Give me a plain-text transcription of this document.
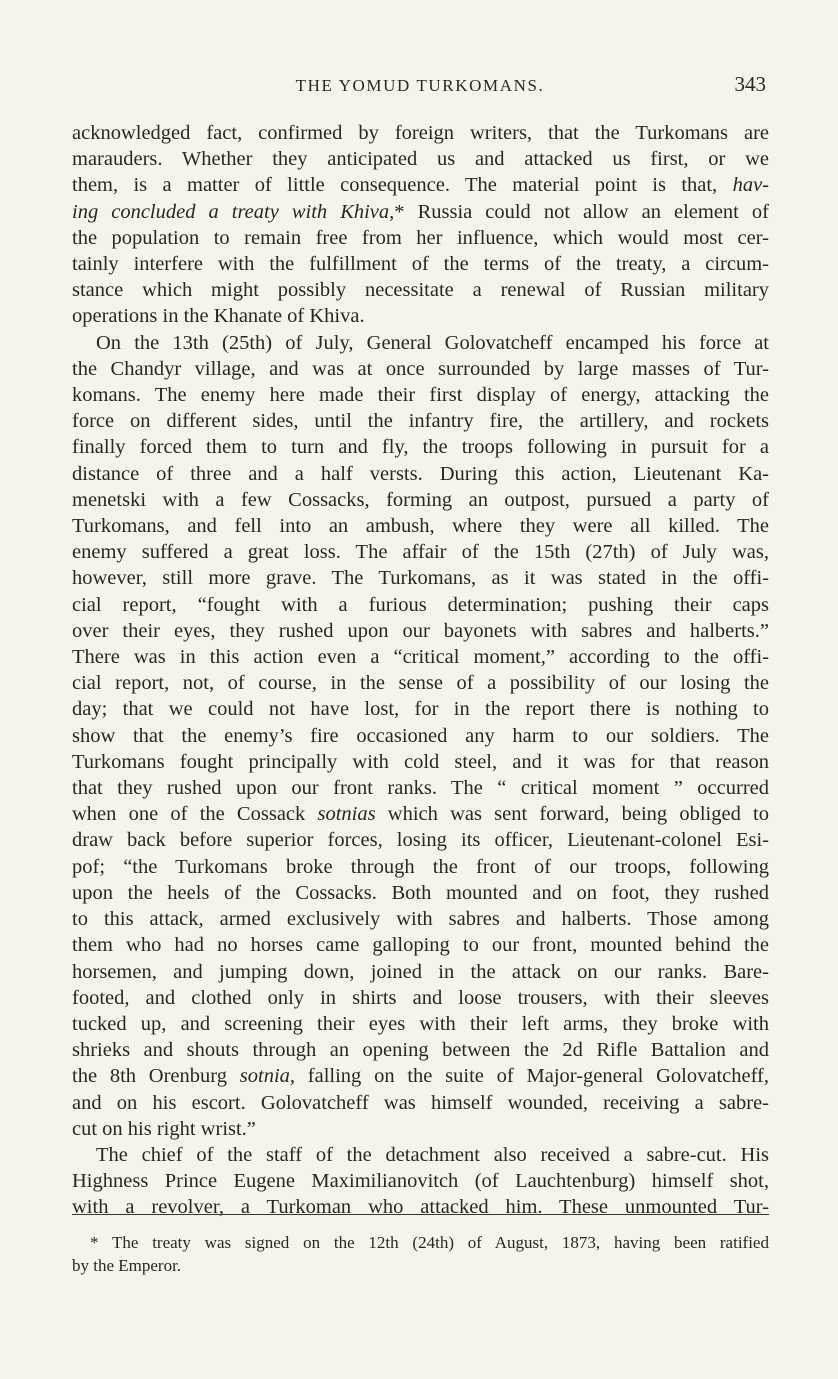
THE YOMUD TURKOMANS.	343
acknowledged fact, confirmed by foreign writers, that the Turkomans are
marauders. Whether they anticipated us and attacked us first, or we
them, is a matter of little consequence. The material point is that, hav-
ing concluded a treaty with Khiva,* Russia could not allow an element of
the population to remain free from her influence, which would most cer-
tainly interfere with the fulfillment of the terms of the treaty, a circum-
stance which might possibly necessitate a renewal of Russian military
operations in the Khanate of Khiva.
On the 13th (25th) of July, General Golovatcheff encamped his force at
the Chandyr village, and was at once surrounded by large masses of Tur-
komans. The enemy here made their first display of energy, attacking the
force on different sides, until the infantry fire, the artillery, and rockets
finally forced them to turn and fly, the troops following in pursuit for a
distance of three and a half versts. During this action, Lieutenant Ka-
menetski with a few Cossacks, forming an outpost, pursued a party of
Turkomans, and fell into an ambush, where they were all killed. The
enemy suffered a great loss. The affair of the 15th (27th) of July was,
however, still more grave. The Turkomans, as it was stated in the offi-
cial report, “fought with a furious determination; pushing their caps
over their eyes, they rushed upon our bayonets with sabres and halberts.”
There was in this action even a “critical moment,” according to the offi-
cial report, not, of course, in the sense of a possibility of our losing the
day; that we could not have lost, for in the report there is nothing to
show that the enemy’s fire occasioned any harm to our soldiers. The
Turkomans fought principally with cold steel, and it was for that reason
that they rushed upon our front ranks. The “ critical moment ” occurred
when one of the Cossack sotnias which was sent forward, being obliged to
draw back before superior forces, losing its officer, Lieutenant-colonel Esi-
pof; “the Turkomans broke through the front of our troops, following
upon the heels of the Cossacks. Both mounted and on foot, they rushed
to this attack, armed exclusively with sabres and halberts. Those among
them who had no horses came galloping to our front, mounted behind the
horsemen, and jumping down, joined in the attack on our ranks. Bare-
footed, and clothed only in shirts and loose trousers, with their sleeves
tucked up, and screening their eyes with their left arms, they broke with
shrieks and shouts through an opening between the 2d Rifle Battalion and
the 8th Orenburg sotnia, falling on the suite of Major-general Golovatcheff,
and on his escort. Golovatcheff was himself wounded, receiving a sabre-
cut on his right wrist.”
The chief of the staff of the detachment also received a sabre-cut. His
Highness Prince Eugene Maximilianovitch (of Lauchtenburg) himself shot,
with a revolver, a Turkoman who attacked him. These unmounted Tur-
* The treaty was signed on the 12th (24th) of August, 1873, having been ratified
by the Emperor.
